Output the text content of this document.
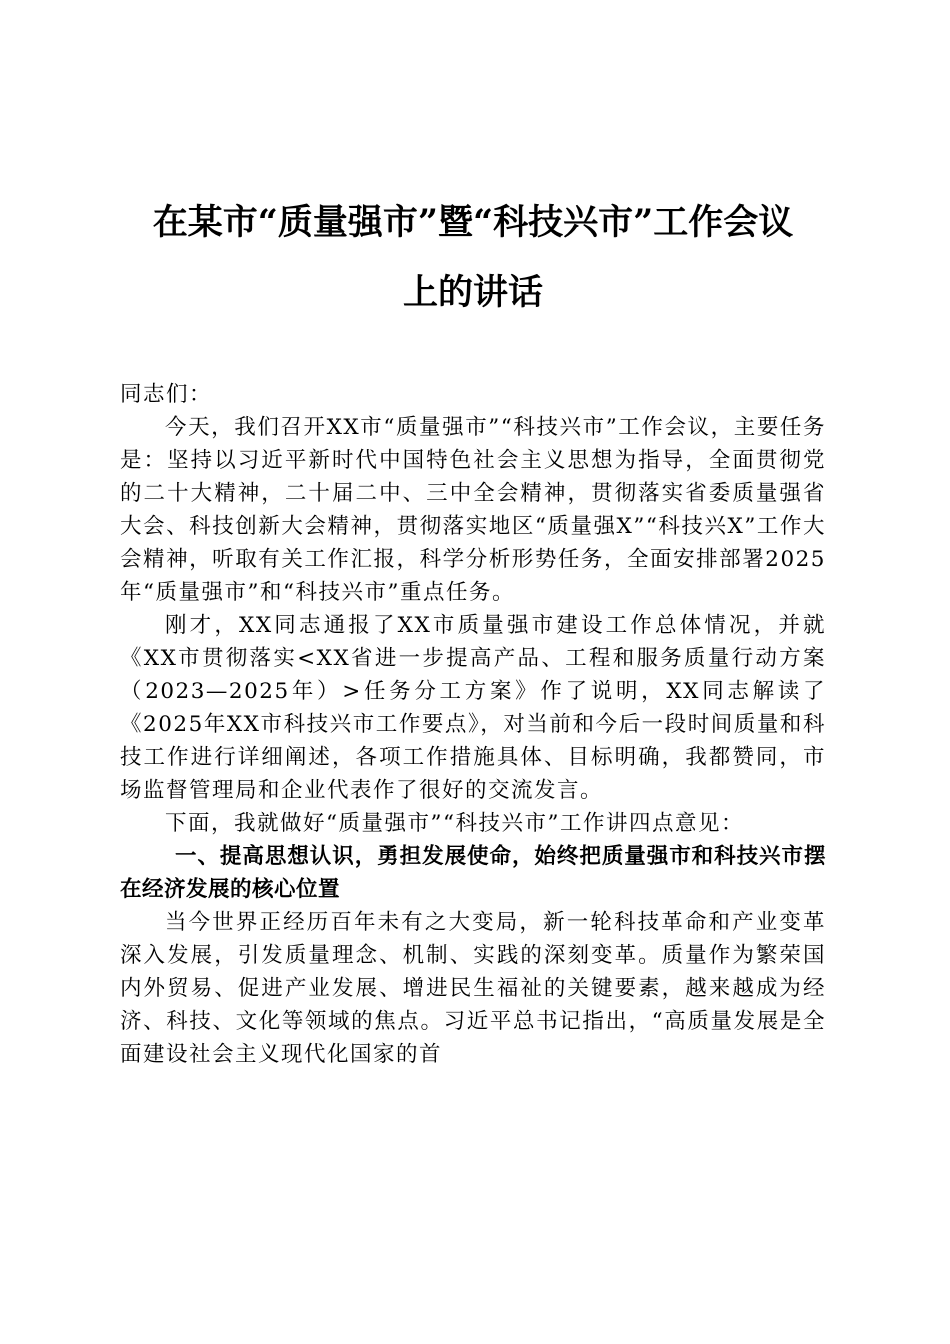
在某市“质量强市”暨“科技兴市”工作会议
上的讲话

同志们：

今天，我们召开XX市“质量强市”“科技兴市”工作会议，主要任务是：坚持以习近平新时代中国特色社会主义思想为指导，全面贯彻党的二十大精神，二十届二中、三中全会精神，贯彻落实省委质量强省大会、科技创新大会精神，贯彻落实地区“质量强X”“科技兴X”工作大会精神，听取有关工作汇报，科学分析形势任务，全面安排部署2025年“质量强市”和“科技兴市”重点任务。

刚才，XX同志通报了XX市质量强市建设工作总体情况，并就《XX市贯彻落实<XX省进一步提高产品、工程和服务质量行动方案（2023—2025年）>任务分工方案》作了说明，XX同志解读了《2025年XX市科技兴市工作要点》，对当前和今后一段时间质量和科技工作进行详细阐述，各项工作措施具体、目标明确，我都赞同，市场监督管理局和企业代表作了很好的交流发言。

下面，我就做好“质量强市”“科技兴市”工作讲四点意见：

一、提高思想认识，勇担发展使命，始终把质量强市和科技兴市摆在经济发展的核心位置

当今世界正经历百年未有之大变局，新一轮科技革命和产业变革深入发展，引发质量理念、机制、实践的深刻变革。质量作为繁荣国内外贸易、促进产业发展、增进民生福祉的关键要素，越来越成为经济、科技、文化等领域的焦点。习近平总书记指出，“高质量发展是全面建设社会主义现代化国家的首
